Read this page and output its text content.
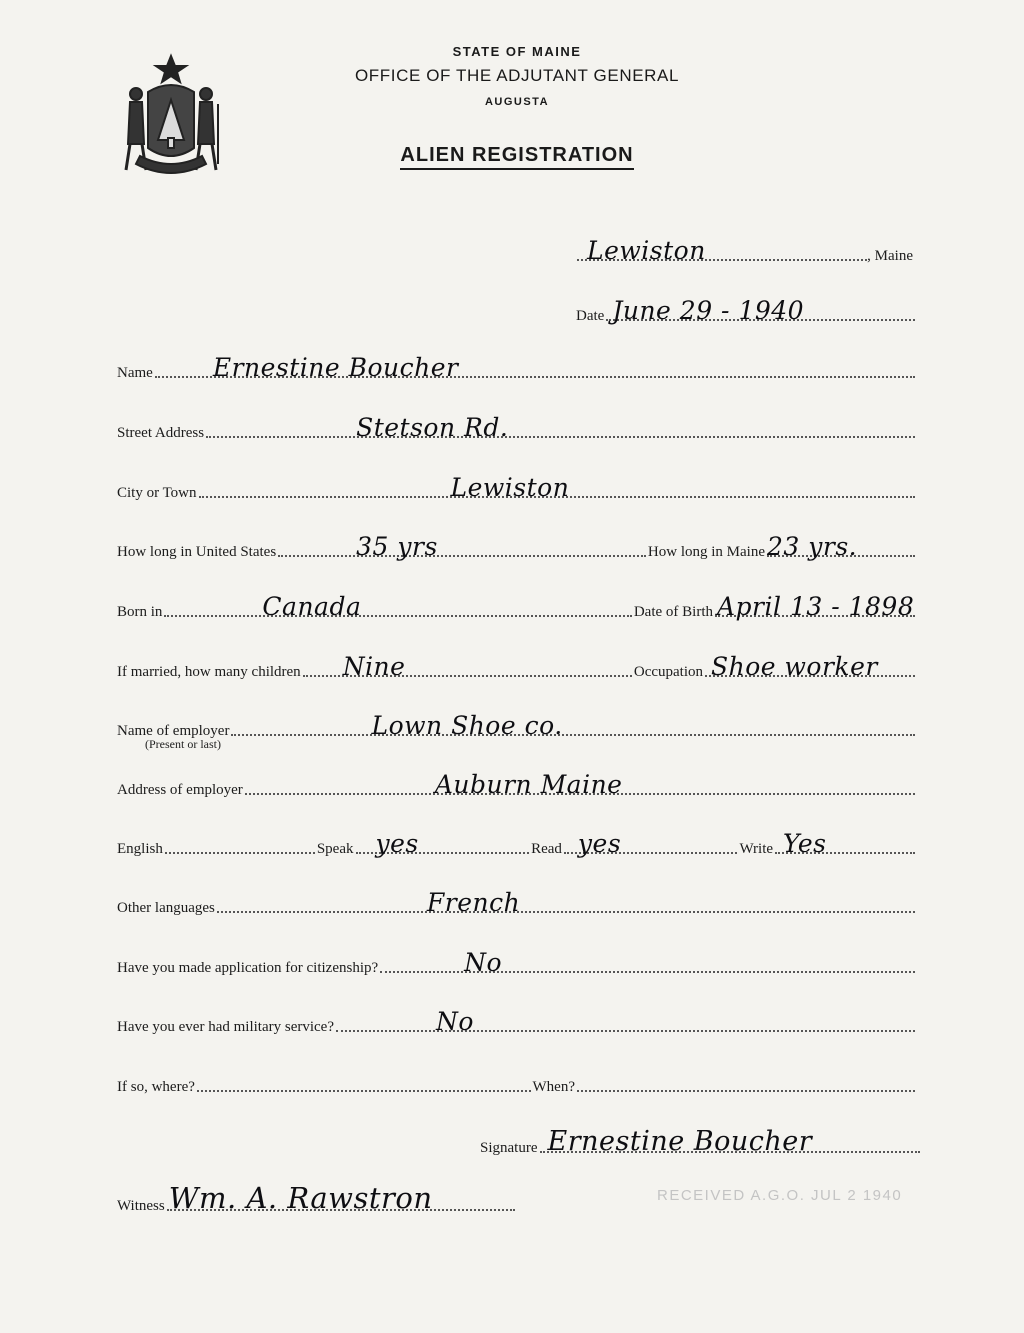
STATE OF MAINE
OFFICE OF THE ADJUTANT GENERAL
AUGUSTA
ALIEN REGISTRATION
Lewiston	, Maine
Date June 29 - 1940
Name Ernestine Boucher
Street Address	Stetson Rd.
City or Town	Lewiston
How long in United States	35 yrs	How long in Maine 23 yrs.
Born in	Canada	Date of Birth April 13 - 1898
If married, how many children Nine	Occupation Shoe worker
Name of employer	Lown Shoe co.
(Present or last)
Address of employer	Auburn Maine
English	Speak yes	Read yes	Write Yes
Other languages	French
Have you made application for citizenship?	No
Have you ever had military service?	No
If so, where?	When?
Signature Ernestine Boucher
Witness Wm. A. Rawstron	RECEIVED A.G.O. JUL 2 1940
